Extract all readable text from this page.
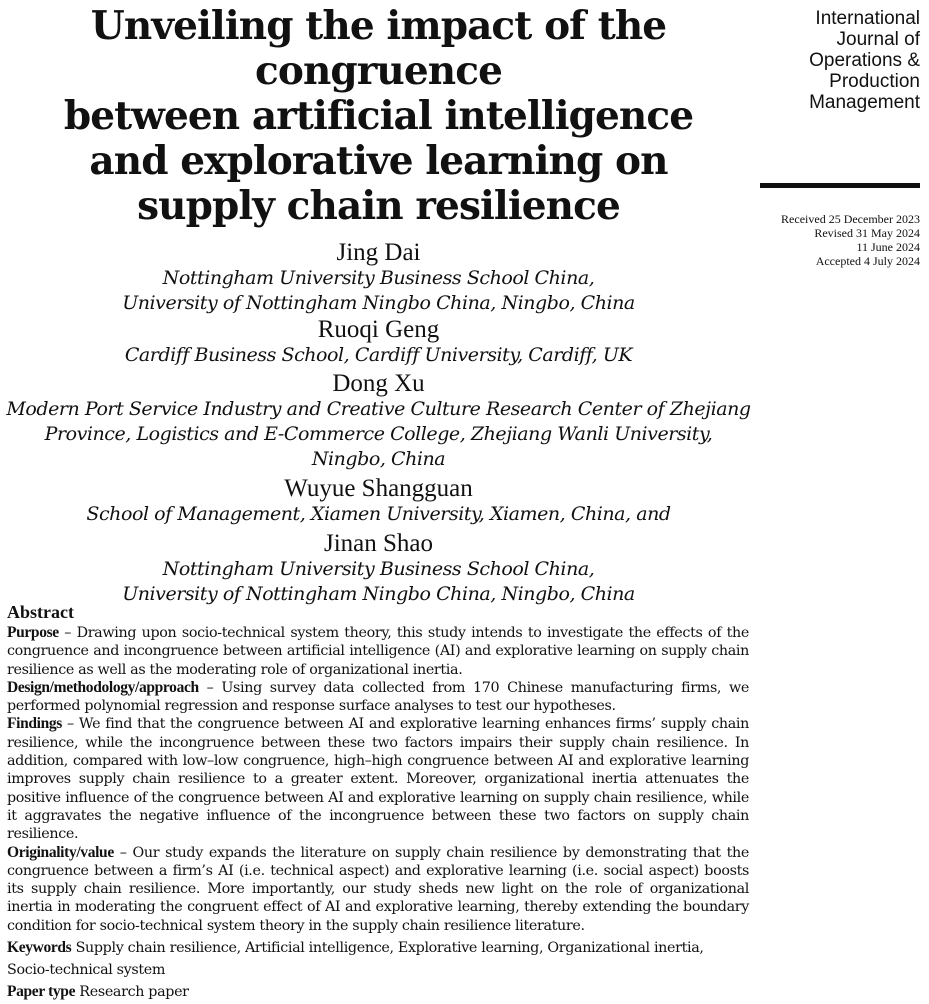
Unveiling the impact of the congruence
between artificial intelligence
and explorative learning on
supply chain resilience

Jing Dai

Nottingham University Business School China,
University of Nottingham Ningbo China, Ningbo, China

Ruoqi Geng

Cardiff Business School, Cardiff University, Cardiff, UK

Dong Xu

Modern Port Service Industry and Creative Culture Research Center of Zhejiang
Province, Logistics and E-Commerce College, Zhejiang Wanli University,
Ningbo, China

Wuyue Shangguan

School of Management, Xiamen University, Xiamen, China, and

Jinan Shao

Nottingham University Business School China,
University of Nottingham Ningbo China, Ningbo, China

International
Journal of
Operations &
Production
Management

Received 25 December 2023
Revised 31 May 2024
11 June 2024
Accepted 4 July 2024
Abstract

Purpose – Drawing upon socio-technical system theory, this study intends to investigate the effects of the congruence and incongruence between artificial intelligence (AI) and explorative learning on supply chain resilience as well as the moderating role of organizational inertia.

Design/methodology/approach – Using survey data collected from 170 Chinese manufacturing firms, we performed polynomial regression and response surface analyses to test our hypotheses.

Findings – We find that the congruence between AI and explorative learning enhances firms’ supply chain resilience, while the incongruence between these two factors impairs their supply chain resilience. In addition, compared with low–low congruence, high–high congruence between AI and explorative learning improves supply chain resilience to a greater extent. Moreover, organizational inertia attenuates the positive influence of the congruence between AI and explorative learning on supply chain resilience, while it aggravates the negative influence of the incongruence between these two factors on supply chain resilience.

Originality/value – Our study expands the literature on supply chain resilience by demonstrating that the congruence between a firm’s AI (i.e. technical aspect) and explorative learning (i.e. social aspect) boosts its supply chain resilience. More importantly, our study sheds new light on the role of organizational inertia in moderating the congruent effect of AI and explorative learning, thereby extending the boundary condition for socio-technical system theory in the supply chain resilience literature.

Keywords Supply chain resilience, Artificial intelligence, Explorative learning, Organizational inertia, Socio-technical system

Paper type Research paper
